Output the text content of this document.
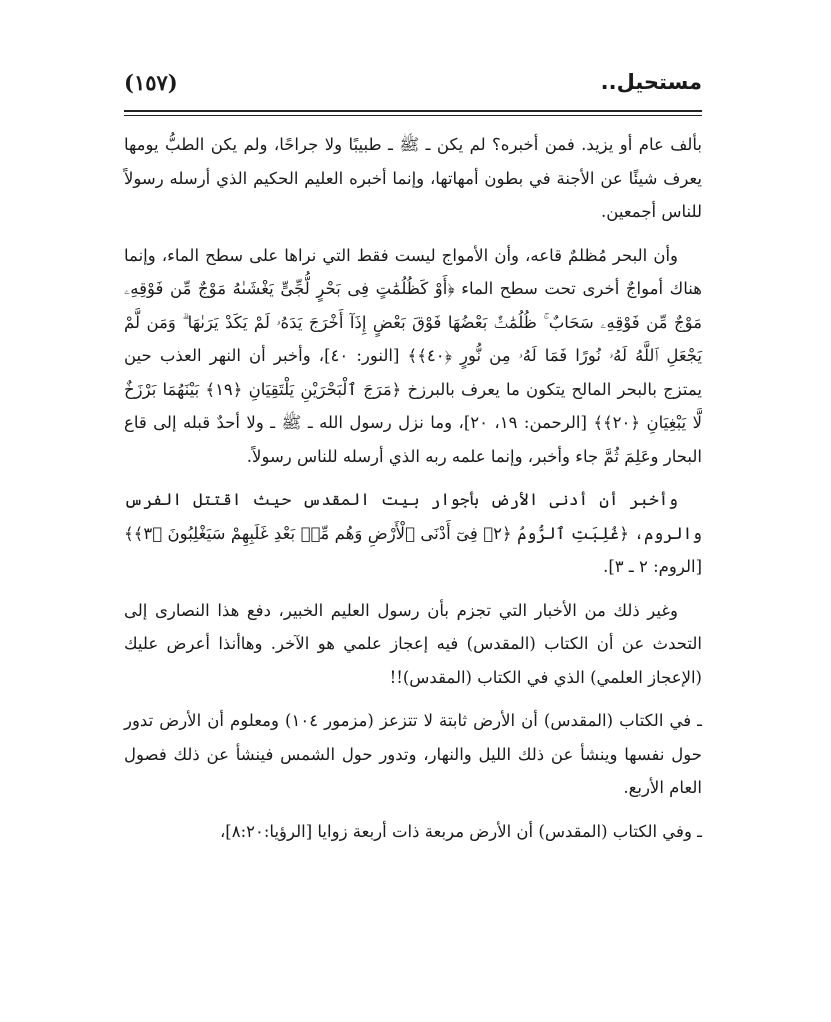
مستحيل..
(١٥٧)

بألف عام أو يزيد. فمن أخبره؟ لم يكن ـ ﷺ ـ طبيبًا ولا جراحًا، ولم يكن الطبُّ يومها يعرف شيئًا عن الأجنة في بطون أمهاتها، وإنما أخبره العليم الحكيم الذي أرسله رسولاً للناس أجمعين.

وأن البحر مُظلمٌ قاعه، وأن الأمواج ليست فقط التي نراها على سطح الماء، وإنما هناك أمواجٌ أخرى تحت سطح الماء ﴿أَوْ كَظُلُمَٰتٍ فِى بَحْرٍ لُّجِّىٍّ يَغْشَىٰهُ مَوْجٌ مِّن فَوْقِهِۦ مَوْجٌ مِّن فَوْقِهِۦ سَحَابٌ ۚ ظُلُمَٰتٌۢ بَعْضُهَا فَوْقَ بَعْضٍ إِذَآ أَخْرَجَ يَدَهُۥ لَمْ يَكَدْ يَرَىٰهَا ۗ وَمَن لَّمْ يَجْعَلِ ٱللَّهُ لَهُۥ نُورًا فَمَا لَهُۥ مِن نُّورٍ ﴿٤٠﴾﴾ [النور: ٤٠]، وأخبر أن النهر العذب حين يمتزج بالبحر المالح يتكون ما يعرف بالبرزخ ﴿مَرَجَ ٱلْبَحْرَيْنِ يَلْتَقِيَانِ ﴿١٩﴾ بَيْنَهُمَا بَرْزَخٌ لَّا يَبْغِيَانِ ﴿٢٠﴾﴾ [الرحمن: ١٩، ٢٠]، وما نزل رسول الله ـ ﷺ ـ ولا أحدٌ قبله إلى قاع البحار وعَلِمَ ثُمَّ جاء وأخبر، وإنما علمه ربه الذي أرسله للناس رسولاً.

وأخبر أن أدنى الأرض بأجوار بيت المقدس حيث اقتتل الفرس والروم، ﴿غُلِبَتِ ٱلرُّومُ ﴿٢﴾ فِىٓ أَدْنَى ٱلْأَرْضِ وَهُم مِّنۢ بَعْدِ غَلَبِهِمْ سَيَغْلِبُونَ ﴿٣﴾﴾ [الروم: ٢ ـ ٣].

وغير ذلك من الأخبار التي تجزم بأن رسول العليم الخبير، دفع هذا النصارى إلى التحدث عن أن الكتاب (المقدس) فيه إعجاز علمي هو الآخر. وهاأنذا أعرض عليك (الإعجاز العلمي) الذي في الكتاب (المقدس)!!

ـ في الكتاب (المقدس) أن الأرض ثابتة لا تتزعز (مزمور ١٠٤) ومعلوم أن الأرض تدور حول نفسها وينشأ عن ذلك الليل والنهار، وتدور حول الشمس فينشأ عن ذلك فصول العام الأربع.

ـ وفي الكتاب (المقدس) أن الأرض مربعة ذات أربعة زوايا [الرؤيا:٨:٢٠]،
